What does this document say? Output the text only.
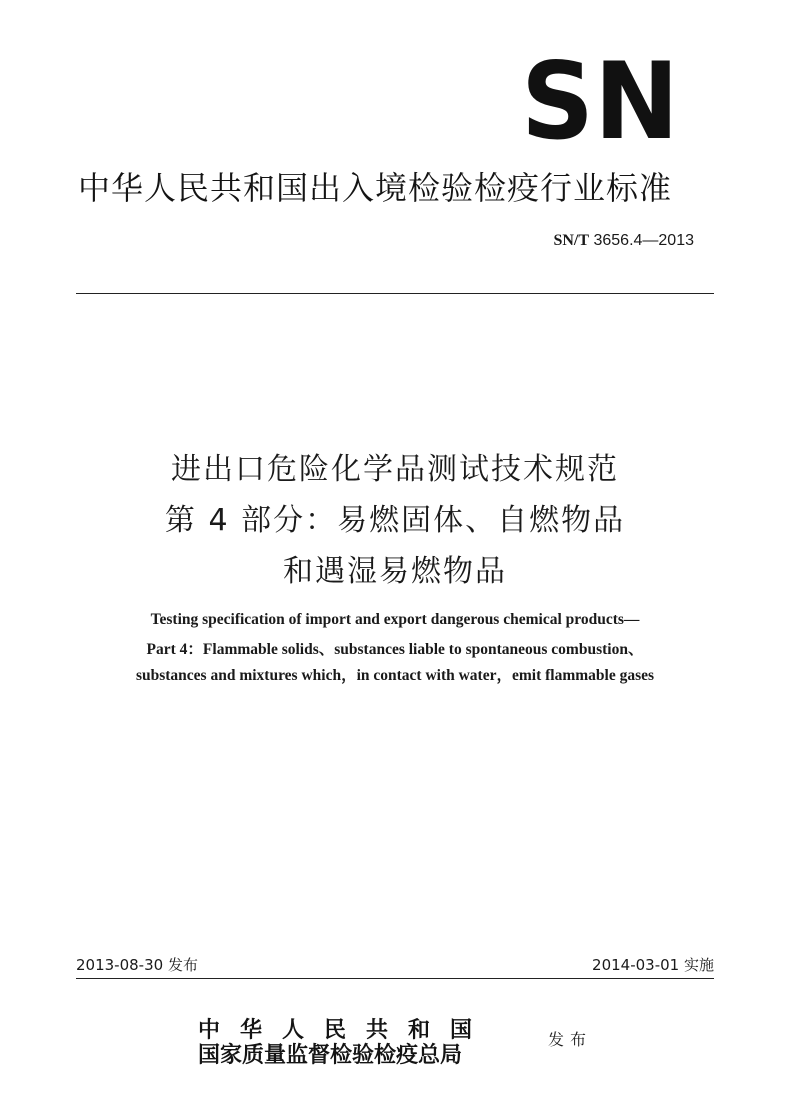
SN
中华人民共和国出入境检验检疫行业标准
SN/T 3656.4—2013
进出口危险化学品测试技术规范
第 4 部分：易燃固体、自燃物品
和遇湿易燃物品
Testing specification of import and export dangerous chemical products—
Part 4：Flammable solids、substances liable to spontaneous combustion、
substances and mixtures which，in contact with water，emit flammable gases
2013-08-30 发布	2014-03-01 实施
中华人民共和国
国家质量监督检验检疫总局
发布
